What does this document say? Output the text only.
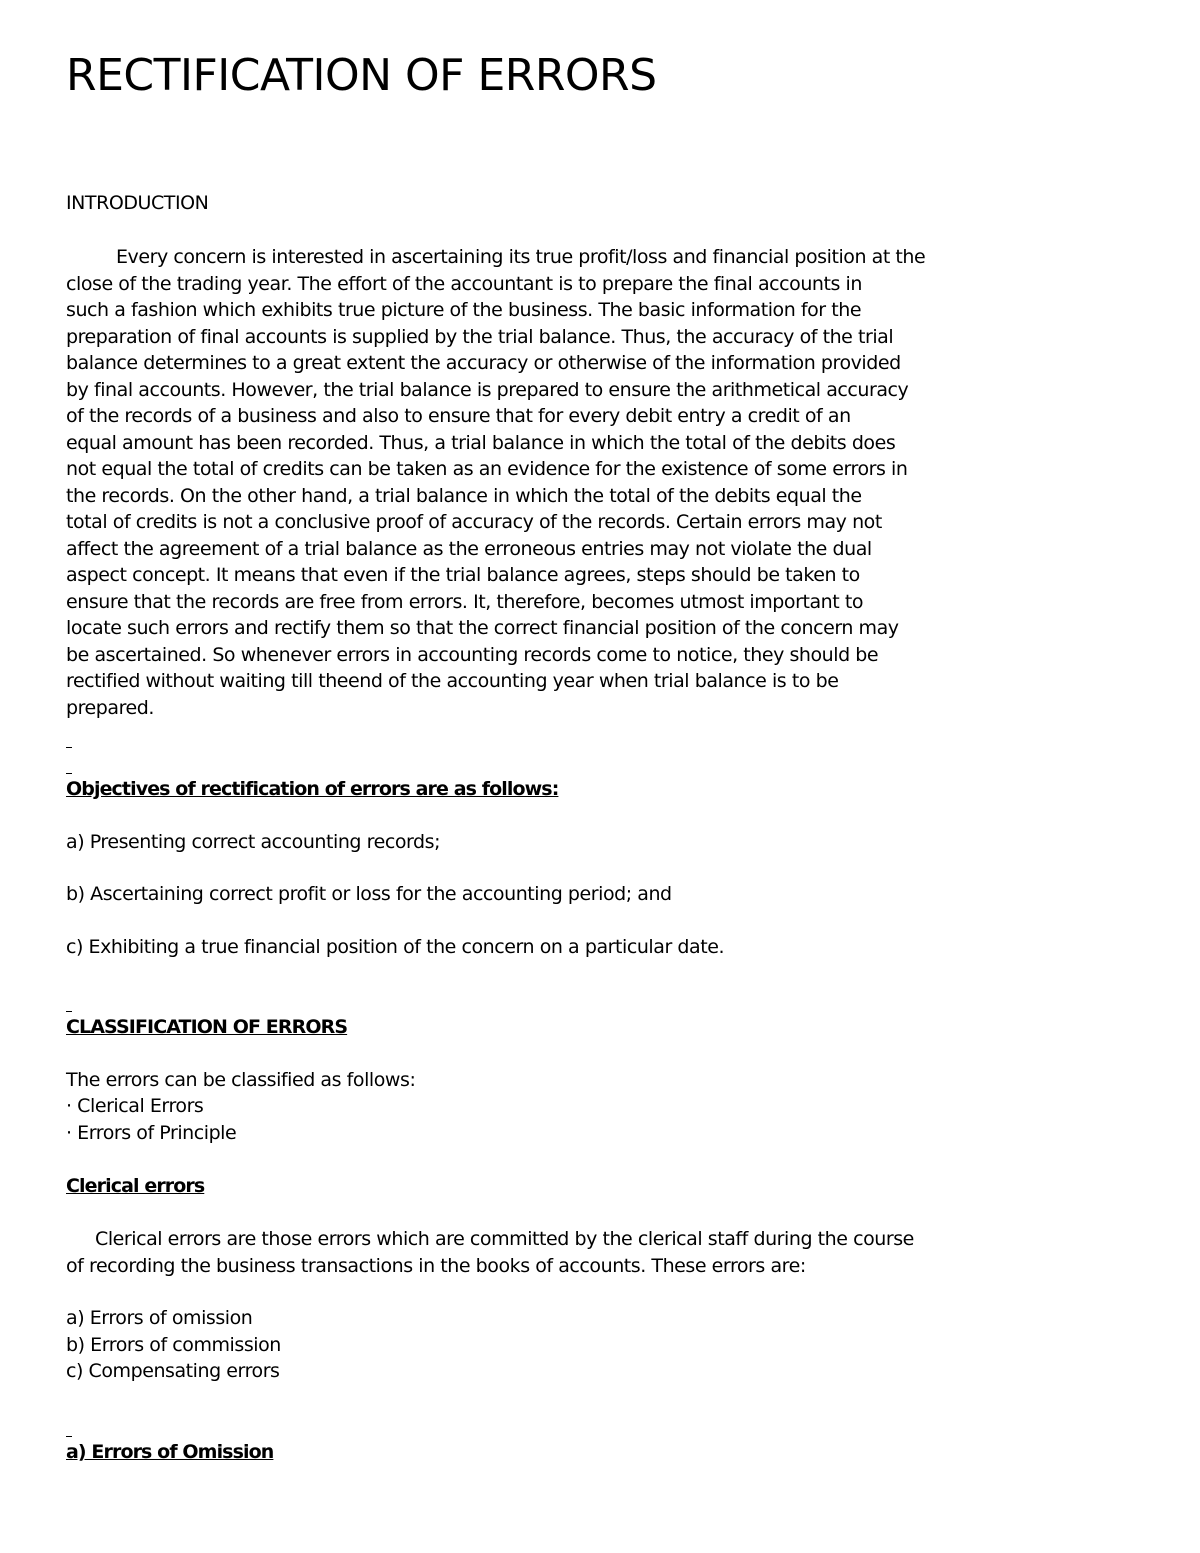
RECTIFICATION OF ERRORS

INTRODUCTION

Every concern is interested in ascertaining its true profit/loss and financial position at the
close of the trading year. The effort of the accountant is to prepare the final accounts in
such a fashion which exhibits true picture of the business. The basic information for the
preparation of final accounts is supplied by the trial balance. Thus, the accuracy of the trial
balance determines to a great extent the accuracy or otherwise of the information provided
by final accounts. However, the trial balance is prepared to ensure the arithmetical accuracy
of the records of a business and also to ensure that for every debit entry a credit of an
equal amount has been recorded. Thus, a trial balance in which the total of the debits does
not equal the total of credits can be taken as an evidence for the existence of some errors in
the records. On the other hand, a trial balance in which the total of the debits equal the
total of credits is not a conclusive proof of accuracy of the records. Certain errors may not
affect the agreement of a trial balance as the erroneous entries may not violate the dual
aspect concept. It means that even if the trial balance agrees, steps should be taken to
ensure that the records are free from errors. It, therefore, becomes utmost important to
locate such errors and rectify them so that the correct financial position of the concern may
be ascertained. So whenever errors in accounting records come to notice, they should be
rectified without waiting till theend of the accounting year when trial balance is to be
prepared.

Objectives of rectification of errors are as follows:

a) Presenting correct accounting records;

b) Ascertaining correct profit or loss for the accounting period; and

c) Exhibiting a true financial position of the concern on a particular date.

CLASSIFICATION OF ERRORS

The errors can be classified as follows:

· Clerical Errors
· Errors of Principle

Clerical errors

Clerical errors are those errors which are committed by the clerical staff during the course
of recording the business transactions in the books of accounts. These errors are:
a) Errors of omission
b) Errors of commission
c) Compensating errors

a) Errors of Omission
